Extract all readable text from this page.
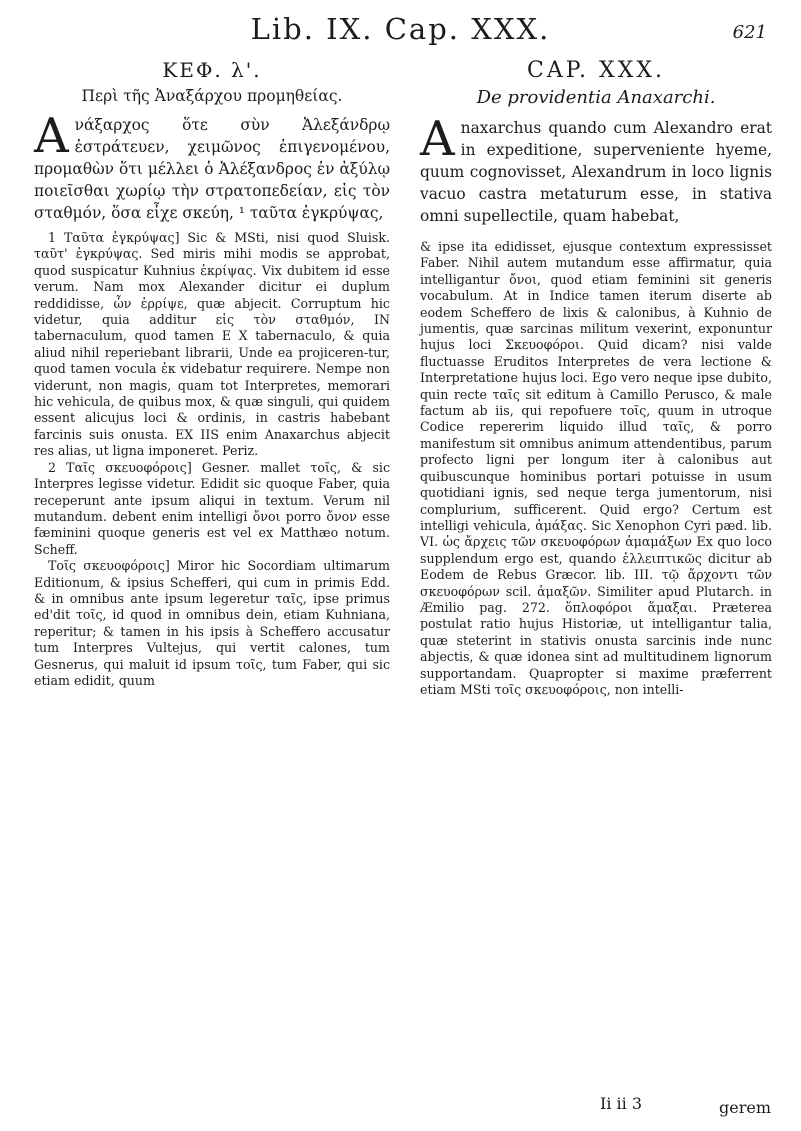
Lib. IX. Cap. XXX.	621
ΚΕΦ. λ'.
Περὶ τῆς Ἀναξάρχου προμηθείας.

Ανάξαρχος ὅτε σὺν Ἀλεξάνδρῳ ἐστράτευεν, χειμῶνος ἐπιγενομένου, προμαθὼν ὅτι μέλλει ὁ Ἀλέξανδρος ἐν ἀξύλῳ ποιεῖσθαι χωρίῳ τὴν στρατοπεδείαν, εἰς τὸν σταθμόν, ὅσα εἶχε σκεύη, ¹ ταῦτα ἐγκρύψας,

1 Ταῦτα ἐγκρύψας] Sic & MSti, nisi quod Sluisk. ταῦτ' ἐγκρύψας. Sed miris mihi modis se approbat, quod suspicatur Kuhnius ἐκρίψας. Vix dubitem id esse verum. Nam mox Alexander dicitur ei duplum reddidisse, ὧν ἐρρίψε, quæ abjecit. Corruptum hic videtur, quia additur εἰς τὸν σταθμόν, IN tabernaculum, quod tamen E X tabernaculo, & quia aliud nihil reperiebant librarii, Unde ea projiceren-tur, quod tamen vocula ἐκ videbatur requirere. Nempe non viderunt, non magis, quam tot Interpretes, memorari hic vehicula, de quibus mox, & quæ singuli, qui quidem essent alicujus loci & ordinis, in castris habebant farcinis suis onusta. EX IIS enim Anaxarchus abjecit res alias, ut ligna imponeret. Periz.

2 Ταῖς σκευοφόροις] Gesner. mallet τοῖς, & sic Interpres legisse videtur. Edidit sic quoque Faber, quia receperunt ante ipsum aliqui in textum. Verum nil mutandum. debent enim intelligi ὄνοι porro ὄνον esse fæminini quoque generis est vel ex Matthæo notum. Scheff.

Τοῖς σκευοφόροις] Miror hic Socordiam ultimarum Editionum, & ipsius Schefferi, qui cum in primis Edd. & in omnibus ante ipsum legeretur ταῖς, ipse primus ed'dit τοῖς, id quod in omnibus dein, etiam Kuhniana, reperitur; & tamen in his ipsis à Scheffero accusatur tum Interpres Vultejus, qui vertit calones, tum Gesnerus, qui maluit id ipsum τοῖς, tum Faber, qui sic etiam edidit, quum

CAP. XXX.
De providentia Anaxarchi.

Anaxarchus quando cum Alexandro erat in expeditione, superveniente hyeme, quum cognovisset, Alexandrum in loco lignis vacuo castra metaturum esse, in stativa omni supellectile, quam habebat,

& ipse ita edidisset, ejusque contextum expressisset Faber. Nihil autem mutandum esse affirmatur, quia intelligantur ὄνοι, quod etiam feminini sit generis vocabulum. At in Indice tamen iterum diserte ab eodem Scheffero de lixis & calonibus, à Kuhnio de jumentis, quæ sarcinas militum vexerint, exponuntur hujus loci Σκευοφόροι. Quid dicam? nisi valde fluctuasse Eruditos Interpretes de vera lectione & Interpretatione hujus loci. Ego vero neque ipse dubito, quin recte ταῖς sit editum à Camillo Perusco, & male factum ab iis, qui repofuere τοῖς, quum in utroque Codice repererim liquido illud ταῖς, & porro manifestum sit omnibus animum attendentibus, parum profecto ligni per longum iter à calonibus aut quibuscunque hominibus portari potuisse in usum quotidiani ignis, sed neque terga jumentorum, nisi complurium, sufficerent. Quid ergo? Certum est intelligi vehicula, ἁμάξας. Sic Xenophon Cyri pæd. lib. VI. ὡς ἄρχεις τῶν σκευοφόρων ἁμαμάξων Ex quo loco supplendum ergo est, quando ἐλλειπτικῶς dicitur ab Eodem de Rebus Græcor. lib. III. τῷ ἄρχοντι τῶν σκευοφόρων scil. ἁμαξῶν. Similiter apud Plutarch. in Æmilio pag. 272. ὅπλοφόροι ἅμαξαι. Præterea postulat ratio hujus Historiæ, ut intelligantur talia, quæ steterint in stativis onusta sarcinis inde nunc abjectis, & quæ idonea sint ad multitudinem lignorum supportandam. Quapropter si maxime præferrent etiam MSti τοῖς σκευοφόροις, non intelli-

Ii ii 3	gerem
